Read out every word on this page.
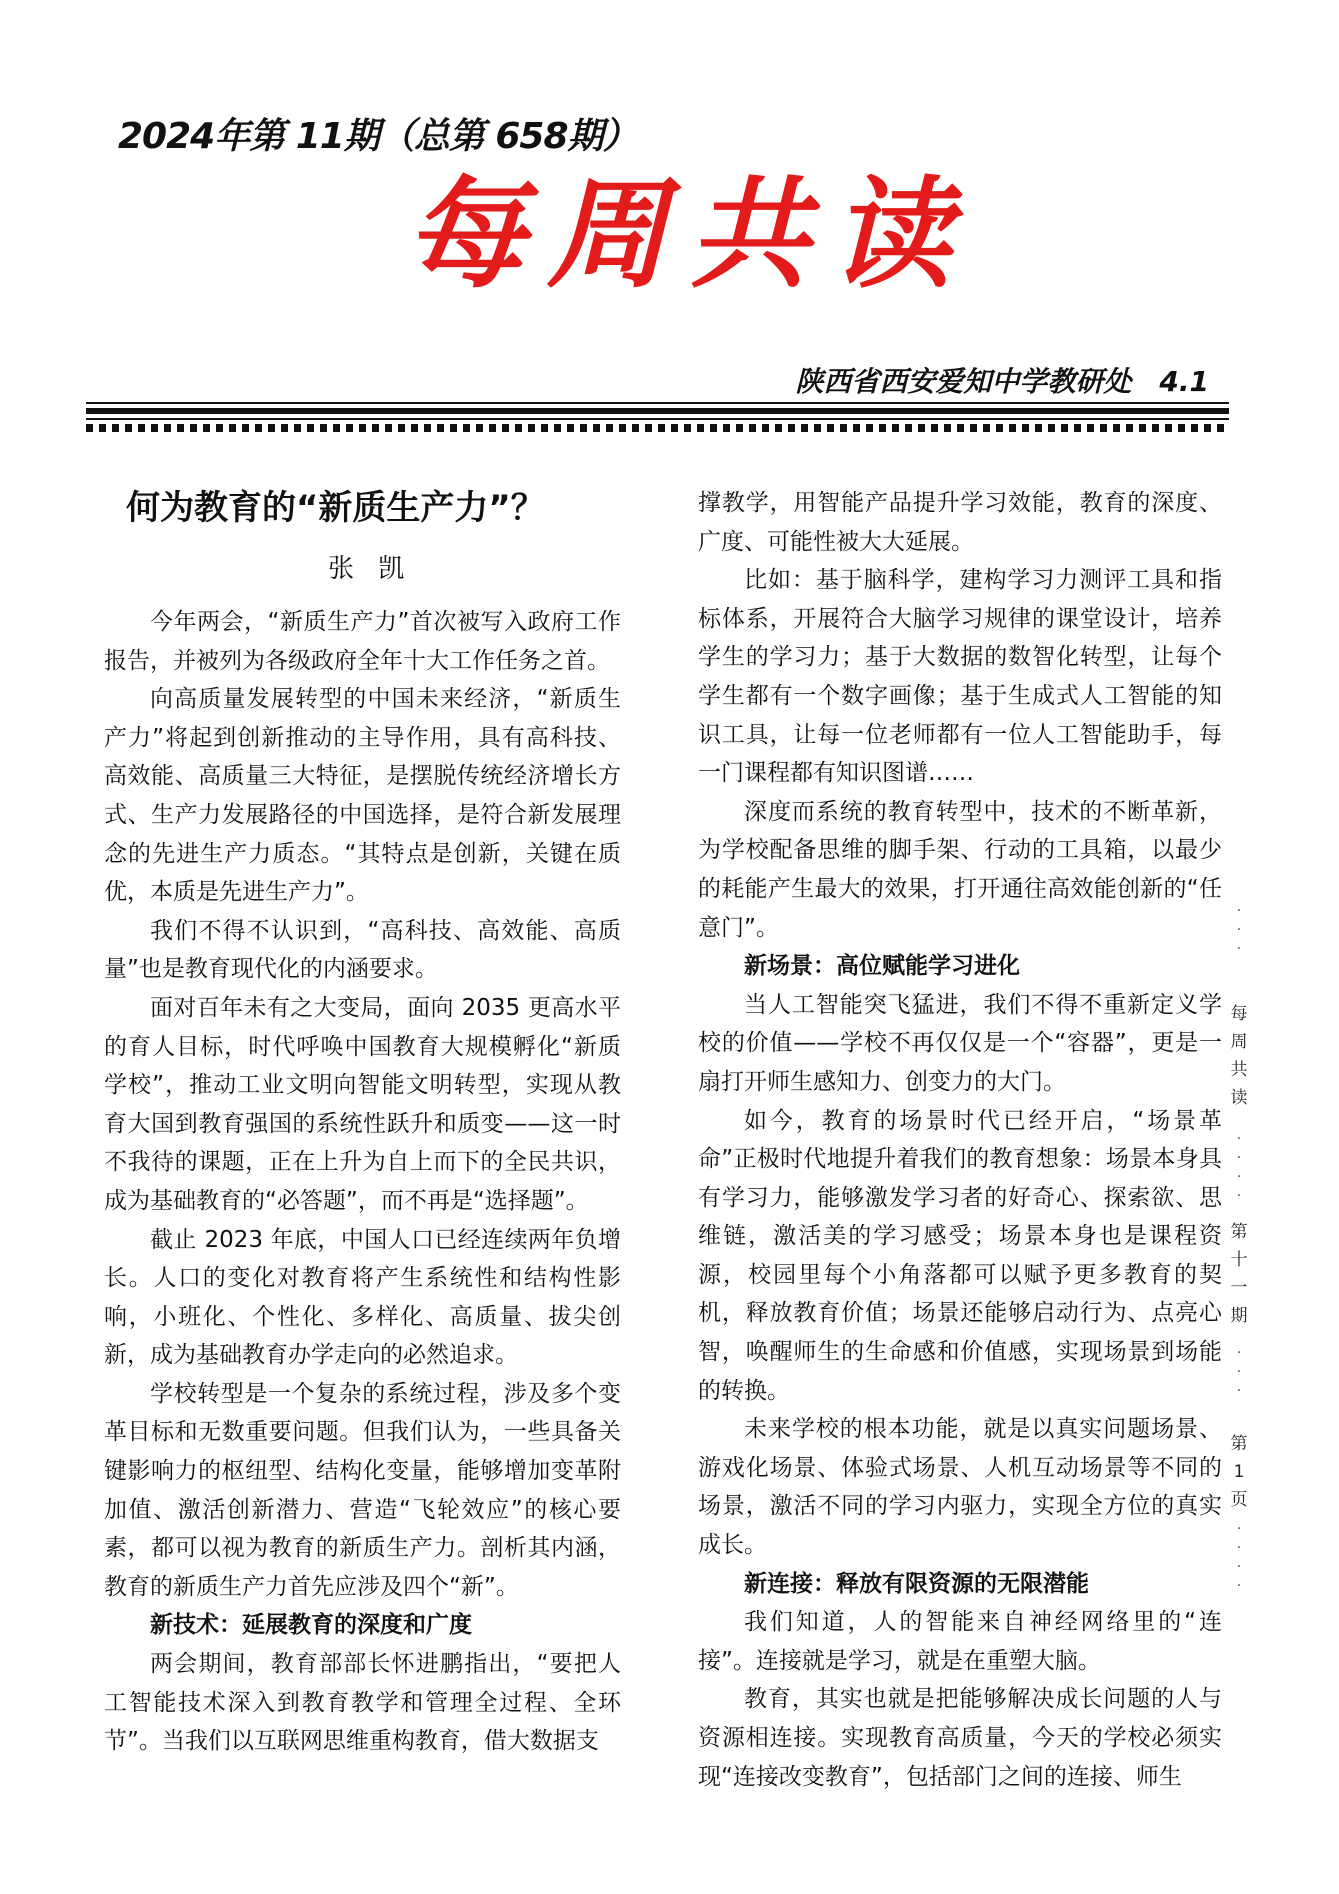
2024年第 11期（总第 658期）
每周共读
陕西省西安爱知中学教研处　4.1
何为教育的“新质生产力”？
张 凯

今年两会，“新质生产力”首次被写入政府工作报告，并被列为各级政府全年十大工作任务之首。

向高质量发展转型的中国未来经济，“新质生产力”将起到创新推动的主导作用，具有高科技、高效能、高质量三大特征，是摆脱传统经济增长方式、生产力发展路径的中国选择，是符合新发展理念的先进生产力质态。“其特点是创新，关键在质优，本质是先进生产力”。

我们不得不认识到，“高科技、高效能、高质量”也是教育现代化的内涵要求。

面对百年未有之大变局，面向 2035 更高水平的育人目标，时代呼唤中国教育大规模孵化“新质学校”，推动工业文明向智能文明转型，实现从教育大国到教育强国的系统性跃升和质变——这一时不我待的课题，正在上升为自上而下的全民共识，成为基础教育的“必答题”，而不再是“选择题”。

截止 2023 年底，中国人口已经连续两年负增长。人口的变化对教育将产生系统性和结构性影响，小班化、个性化、多样化、高质量、拔尖创新，成为基础教育办学走向的必然追求。

学校转型是一个复杂的系统过程，涉及多个变革目标和无数重要问题。但我们认为，一些具备关键影响力的枢纽型、结构化变量，能够增加变革附加值、激活创新潜力、营造“飞轮效应”的核心要素，都可以视为教育的新质生产力。剖析其内涵，教育的新质生产力首先应涉及四个“新”。

新技术：延展教育的深度和广度

两会期间，教育部部长怀进鹏指出，“要把人工智能技术深入到教育教学和管理全过程、全环节”。当我们以互联网思维重构教育，借大数据支

撑教学，用智能产品提升学习效能，教育的深度、广度、可能性被大大延展。

比如：基于脑科学，建构学习力测评工具和指标体系，开展符合大脑学习规律的课堂设计，培养学生的学习力；基于大数据的数智化转型，让每个学生都有一个数字画像；基于生成式人工智能的知识工具，让每一位老师都有一位人工智能助手，每一门课程都有知识图谱……

深度而系统的教育转型中，技术的不断革新，为学校配备思维的脚手架、行动的工具箱，以最少的耗能产生最大的效果，打开通往高效能创新的“任意门”。

新场景：高位赋能学习进化

当人工智能突飞猛进，我们不得不重新定义学校的价值——学校不再仅仅是一个“容器”，更是一扇打开师生感知力、创变力的大门。

如今，教育的场景时代已经开启，“场景革命”正极时代地提升着我们的教育想象：场景本身具有学习力，能够激发学习者的好奇心、探索欲、思维链，激活美的学习感受；场景本身也是课程资源，校园里每个小角落都可以赋予更多教育的契机，释放教育价值；场景还能够启动行为、点亮心智，唤醒师生的生命感和价值感，实现场景到场能的转换。

未来学校的根本功能，就是以真实问题场景、游戏化场景、体验式场景、人机互动场景等不同的场景，激活不同的学习内驱力，实现全方位的真实成长。

新连接：释放有限资源的无限潜能

我们知道，人的智能来自神经网络里的“连接”。连接就是学习，就是在重塑大脑。

教育，其实也就是把能够解决成长问题的人与资源相连接。实现教育高质量，今天的学校必须实现“连接改变教育”，包括部门之间的连接、师生

·
·
·
每
周
共
读
·
·
·
·
第
十
一
期
·
·
·
第
1
页
·
·
·
·
